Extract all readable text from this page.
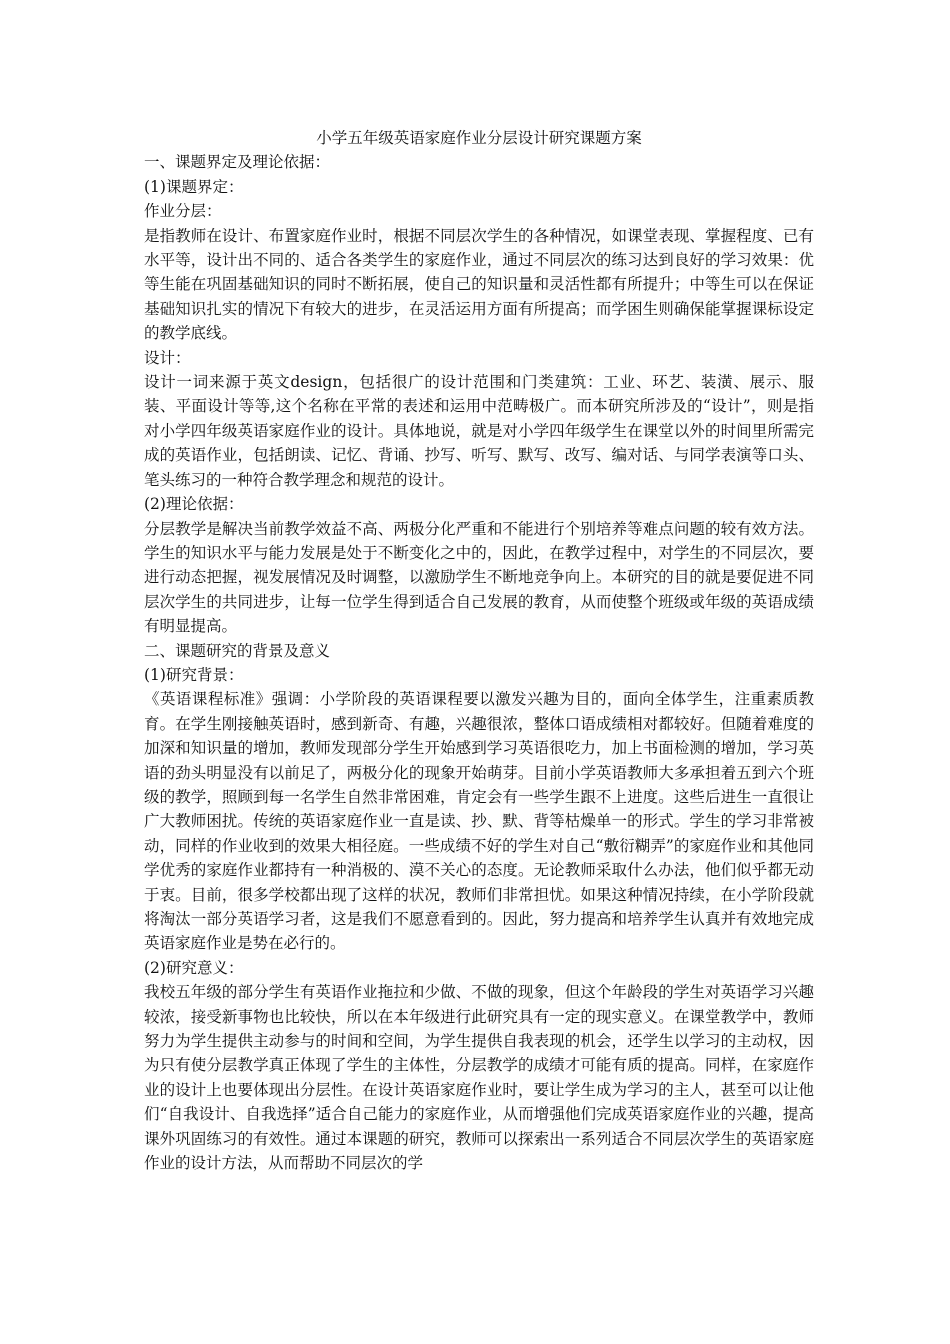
小学五年级英语家庭作业分层设计研究课题方案

一、课题界定及理论依据：

(1)课题界定：

作业分层：

是指教师在设计、布置家庭作业时，根据不同层次学生的各种情况，如课堂表现、掌握程度、已有水平等，设计出不同的、适合各类学生的家庭作业，通过不同层次的练习达到良好的学习效果：优等生能在巩固基础知识的同时不断拓展，使自己的知识量和灵活性都有所提升；中等生可以在保证基础知识扎实的情况下有较大的进步，在灵活运用方面有所提高；而学困生则确保能掌握课标设定的教学底线。

设计：

设计一词来源于英文design，包括很广的设计范围和门类建筑：工业、环艺、装潢、展示、服装、平面设计等等,这个名称在平常的表述和运用中范畴极广。而本研究所涉及的“设计”，则是指对小学四年级英语家庭作业的设计。具体地说，就是对小学四年级学生在课堂以外的时间里所需完成的英语作业，包括朗读、记忆、背诵、抄写、听写、默写、改写、编对话、与同学表演等口头、笔头练习的一种符合教学理念和规范的设计。

(2)理论依据：

分层教学是解决当前教学效益不高、两极分化严重和不能进行个别培养等难点问题的较有效方法。学生的知识水平与能力发展是处于不断变化之中的，因此，在教学过程中，对学生的不同层次，要进行动态把握，视发展情况及时调整，以激励学生不断地竞争向上。本研究的目的就是要促进不同层次学生的共同进步，让每一位学生得到适合自己发展的教育，从而使整个班级或年级的英语成绩有明显提高。

二、课题研究的背景及意义

(1)研究背景：

《英语课程标准》强调：小学阶段的英语课程要以激发兴趣为目的，面向全体学生，注重素质教育。在学生刚接触英语时，感到新奇、有趣，兴趣很浓，整体口语成绩相对都较好。但随着难度的加深和知识量的增加，教师发现部分学生开始感到学习英语很吃力，加上书面检测的增加，学习英语的劲头明显没有以前足了，两极分化的现象开始萌芽。目前小学英语教师大多承担着五到六个班级的教学，照顾到每一名学生自然非常困难，肯定会有一些学生跟不上进度。这些后进生一直很让广大教师困扰。传统的英语家庭作业一直是读、抄、默、背等枯燥单一的形式。学生的学习非常被动，同样的作业收到的效果大相径庭。一些成绩不好的学生对自己“敷衍糊弄”的家庭作业和其他同学优秀的家庭作业都持有一种消极的、漠不关心的态度。无论教师采取什么办法，他们似乎都无动于衷。目前，很多学校都出现了这样的状况，教师们非常担忧。如果这种情况持续，在小学阶段就将淘汰一部分英语学习者，这是我们不愿意看到的。因此，努力提高和培养学生认真并有效地完成英语家庭作业是势在必行的。

(2)研究意义：

我校五年级的部分学生有英语作业拖拉和少做、不做的现象，但这个年龄段的学生对英语学习兴趣较浓，接受新事物也比较快，所以在本年级进行此研究具有一定的现实意义。在课堂教学中，教师努力为学生提供主动参与的时间和空间，为学生提供自我表现的机会，还学生以学习的主动权，因为只有使分层教学真正体现了学生的主体性，分层教学的成绩才可能有质的提高。同样，在家庭作业的设计上也要体现出分层性。在设计英语家庭作业时，要让学生成为学习的主人，甚至可以让他们“自我设计、自我选择”适合自己能力的家庭作业，从而增强他们完成英语家庭作业的兴趣，提高课外巩固练习的有效性。通过本课题的研究，教师可以探索出一系列适合不同层次学生的英语家庭作业的设计方法，从而帮助不同层次的学
